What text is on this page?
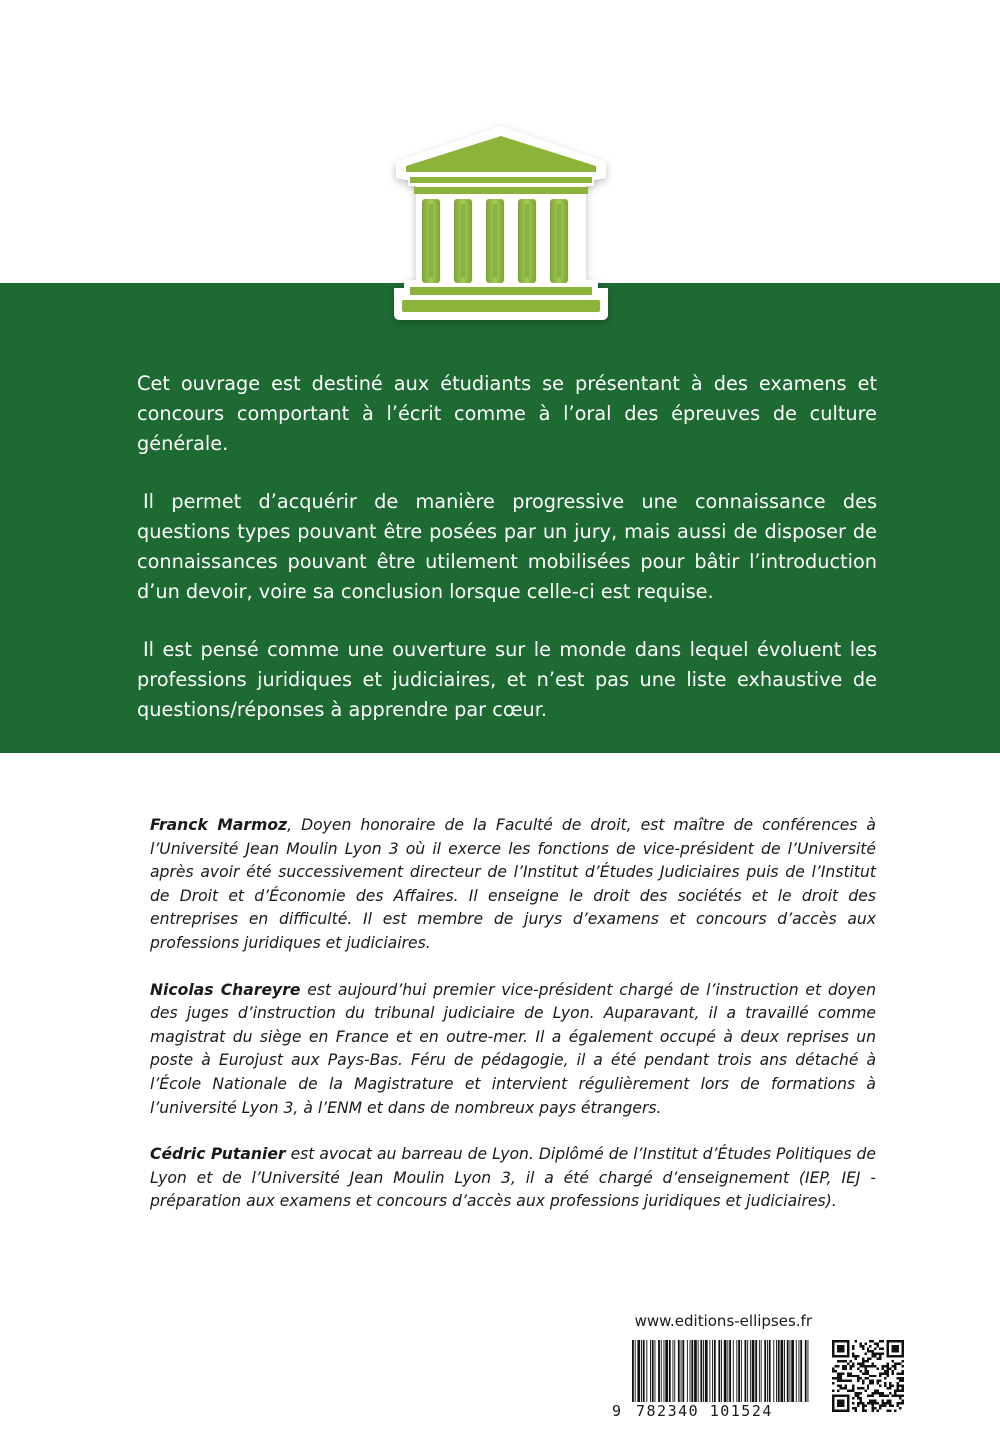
Cet ouvrage est destiné aux étudiants se présentant à des examens et concours comportant à l’écrit comme à l’oral des épreuves de culture générale.

Il permet d’acquérir de manière progressive une connaissance des questions types pouvant être posées par un jury, mais aussi de disposer de connaissances pouvant être utilement mobilisées pour bâtir l’introduction d’un devoir, voire sa conclusion lorsque celle-ci est requise.

Il est pensé comme une ouverture sur le monde dans lequel évoluent les professions juridiques et judiciaires, et n’est pas une liste exhaustive de questions/réponses à apprendre par cœur.

Franck Marmoz, Doyen honoraire de la Faculté de droit, est maître de conférences à l’Université Jean Moulin Lyon 3 où il exerce les fonctions de vice-président de l’Université après avoir été successivement directeur de l’Institut d’Études Judiciaires puis de l’Institut de Droit et d’Économie des Affaires. Il enseigne le droit des sociétés et le droit des entreprises en difficulté. Il est membre de jurys d’examens et concours d’accès aux professions juridiques et judiciaires.

Nicolas Chareyre est aujourd’hui premier vice-président chargé de l’instruction et doyen des juges d’instruction du tribunal judiciaire de Lyon. Auparavant, il a travaillé comme magistrat du siège en France et en outre-mer. Il a également occupé à deux reprises un poste à Eurojust aux Pays-Bas. Féru de pédagogie, il a été pendant trois ans détaché à l’École Nationale de la Magistrature et intervient régulièrement lors de formations à l’université Lyon 3, à l’ENM et dans de nombreux pays étrangers.

Cédric Putanier est avocat au barreau de Lyon. Diplômé de l’Institut d’Études Politiques de Lyon et de l’Université Jean Moulin Lyon 3, il a été chargé d’enseignement (IEP, IEJ - préparation aux examens et concours d’accès aux professions juridiques et judiciaires).

www.editions-ellipses.fr
9 782340 101524
